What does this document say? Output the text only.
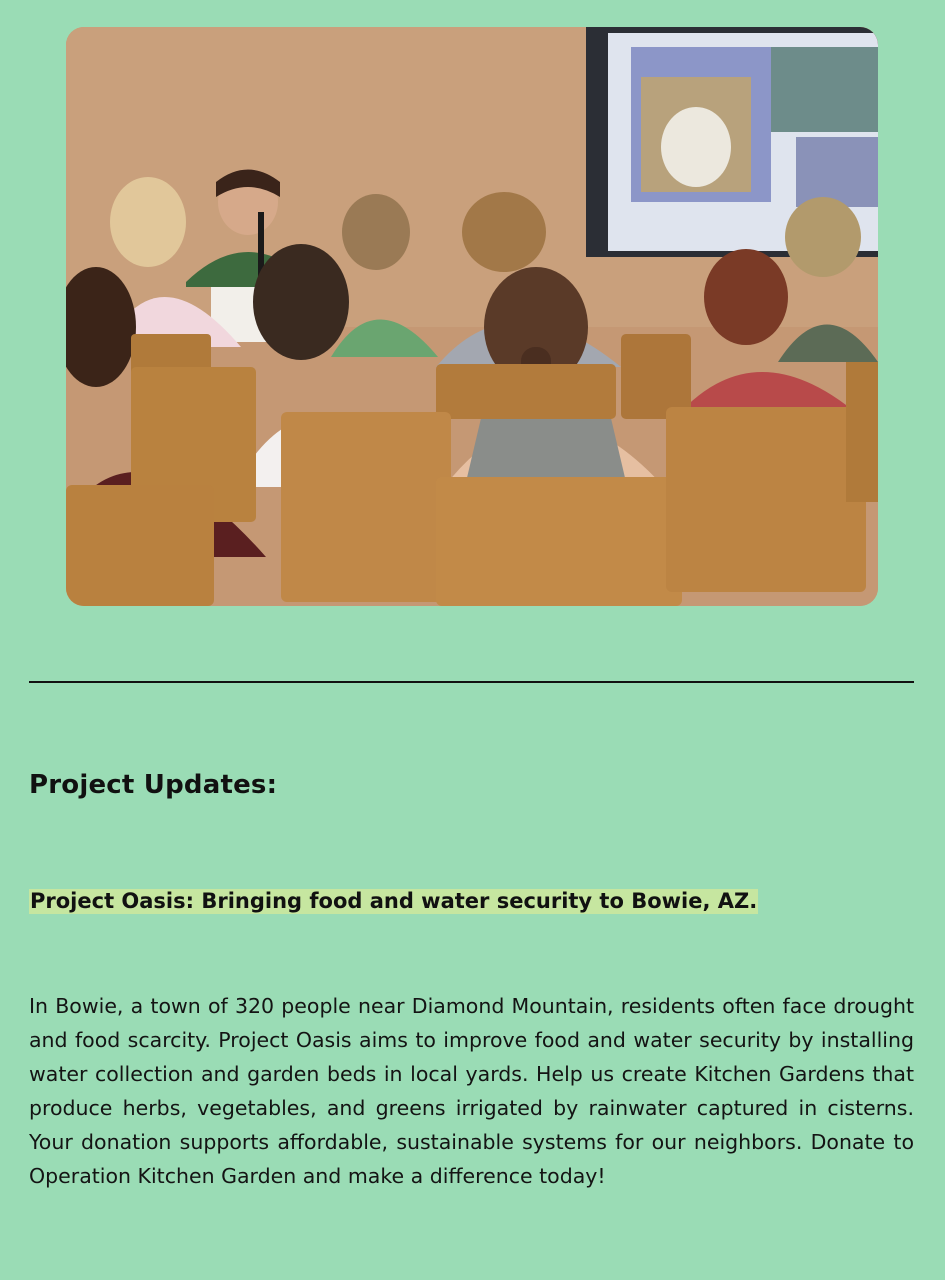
Project Updates:
Project Oasis: Bringing food and water security to Bowie, AZ.

In Bowie, a town of 320 people near Diamond Mountain, residents often face drought and food scarcity. Project Oasis aims to improve food and water security by installing water collection and garden beds in local yards. Help us create Kitchen Gardens that produce herbs, vegetables, and greens irrigated by rainwater captured in cisterns. Your donation supports affordable, sustainable systems for our neighbors. Donate to Operation Kitchen Garden and make a difference today!
